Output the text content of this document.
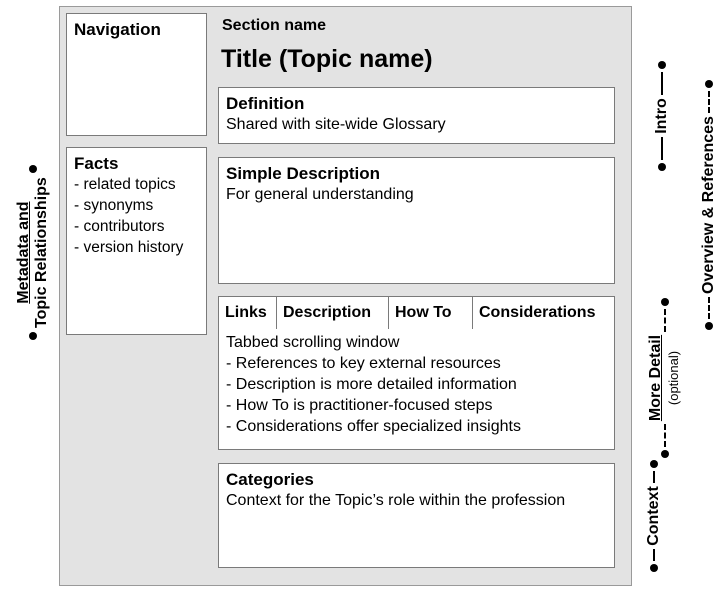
Section name
Title (Topic name)
Navigation
Facts
- related topics
- synonyms
- contributors
- version history
Definition

Shared with site-wide Glossary

Simple Description

For general understanding

Links	Description	How To	Considerations
Tabbed scrolling window
- References to key external resources
- Description is more detailed information
- How To is practitioner-focused steps
- Considerations offer specialized insights
Categories

Context for the Topic’s role within the profession

Metadata and
Topic Relationships
Intro
Overview & References
More Detail (optional)
Context
